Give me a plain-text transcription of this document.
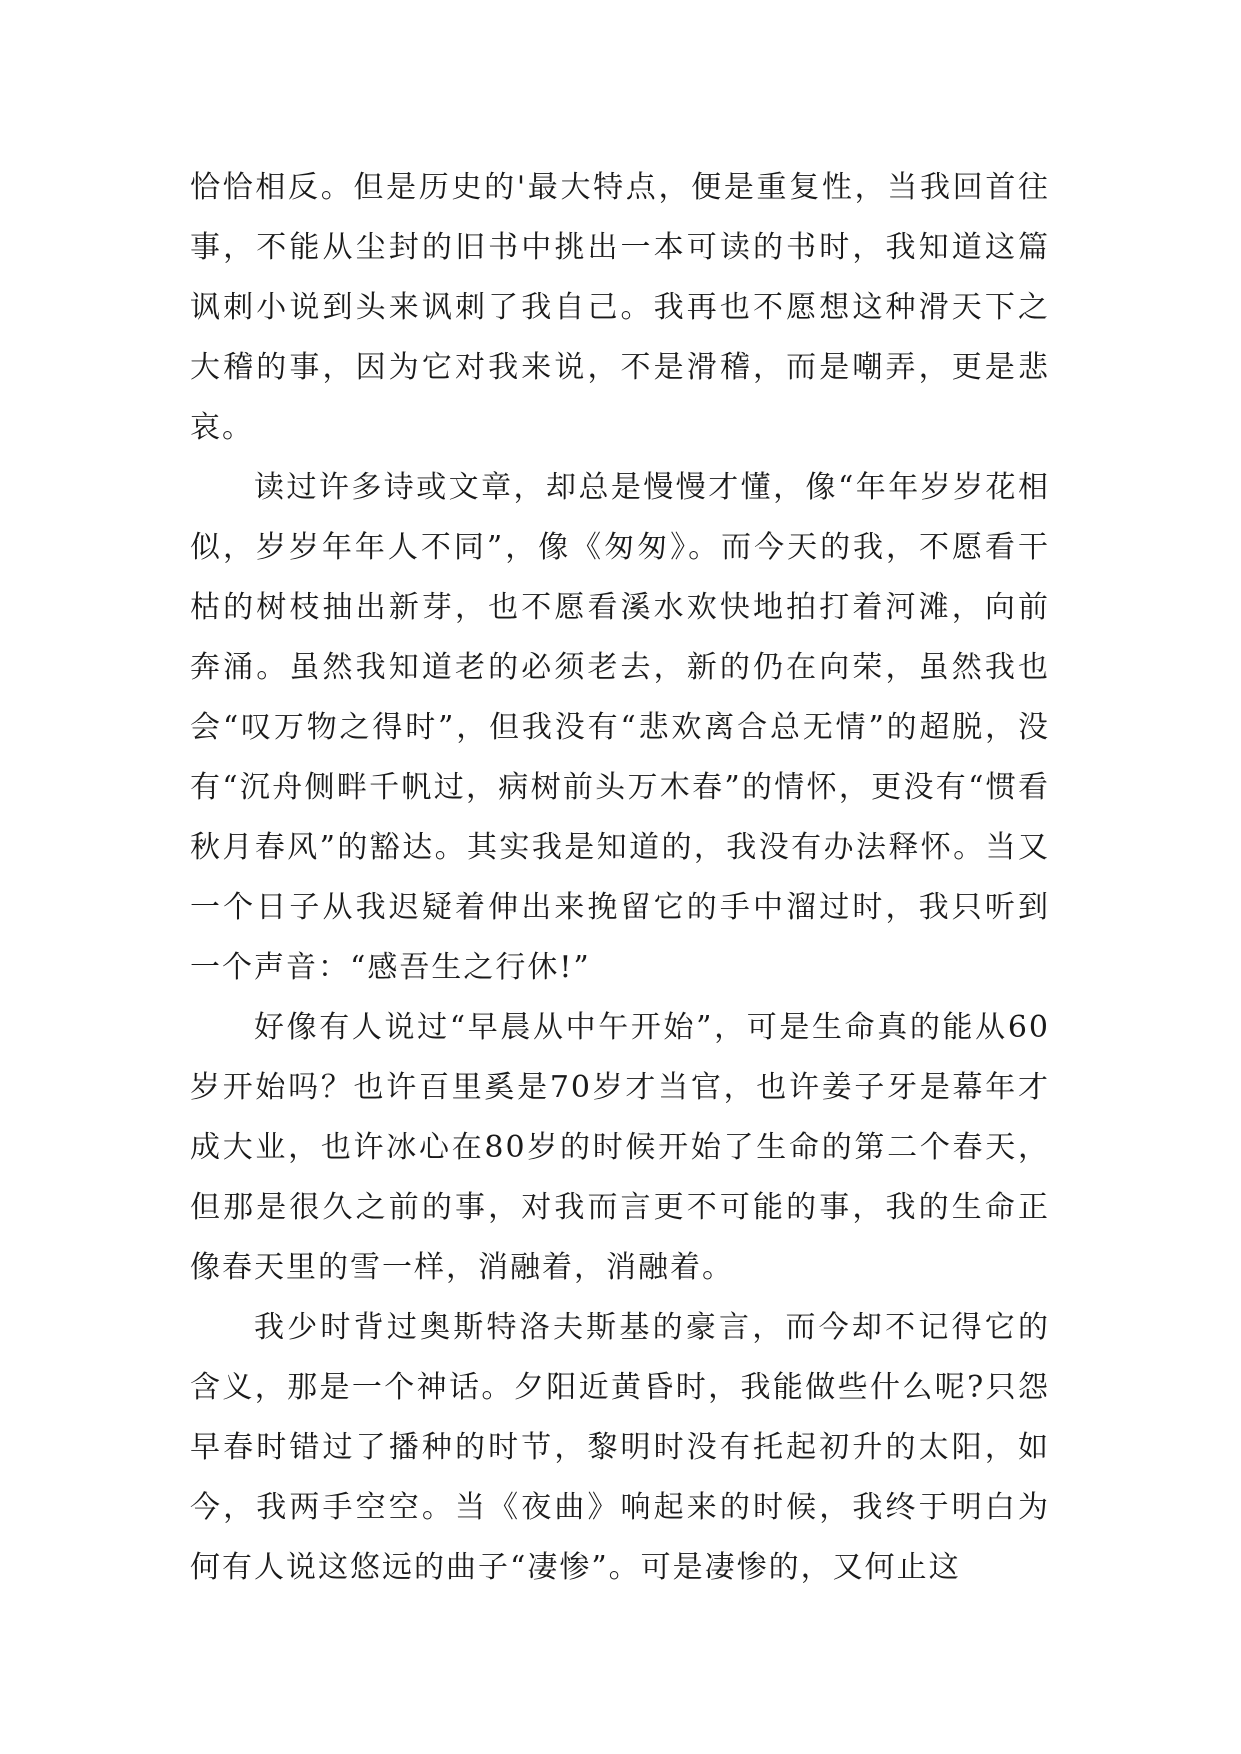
恰恰相反。但是历史的'最大特点，便是重复性，当我回首往事，不能从尘封的旧书中挑出一本可读的书时，我知道这篇讽刺小说到头来讽刺了我自己。我再也不愿想这种滑天下之大稽的事，因为它对我来说，不是滑稽，而是嘲弄，更是悲哀。

读过许多诗或文章，却总是慢慢才懂，像“年年岁岁花相似，岁岁年年人不同”，像《匆匆》。而今天的我，不愿看干枯的树枝抽出新芽，也不愿看溪水欢快地拍打着河滩，向前奔涌。虽然我知道老的必须老去，新的仍在向荣，虽然我也会“叹万物之得时”，但我没有“悲欢离合总无情”的超脱，没有“沉舟侧畔千帆过，病树前头万木春”的情怀，更没有“惯看秋月春风”的豁达。其实我是知道的，我没有办法释怀。当又一个日子从我迟疑着伸出来挽留它的手中溜过时，我只听到一个声音：“感吾生之行休!”

好像有人说过“早晨从中午开始”，可是生命真的能从60岁开始吗？也许百里奚是70岁才当官，也许姜子牙是幕年才成大业，也许冰心在80岁的时候开始了生命的第二个春天，但那是很久之前的事，对我而言更不可能的事，我的生命正像春天里的雪一样，消融着，消融着。

我少时背过奥斯特洛夫斯基的豪言，而今却不记得它的含义，那是一个神话。夕阳近黄昏时，我能做些什么呢?只怨早春时错过了播种的时节，黎明时没有托起初升的太阳，如今，我两手空空。当《夜曲》响起来的时候，我终于明白为何有人说这悠远的曲子“凄惨”。可是凄惨的，又何止这
